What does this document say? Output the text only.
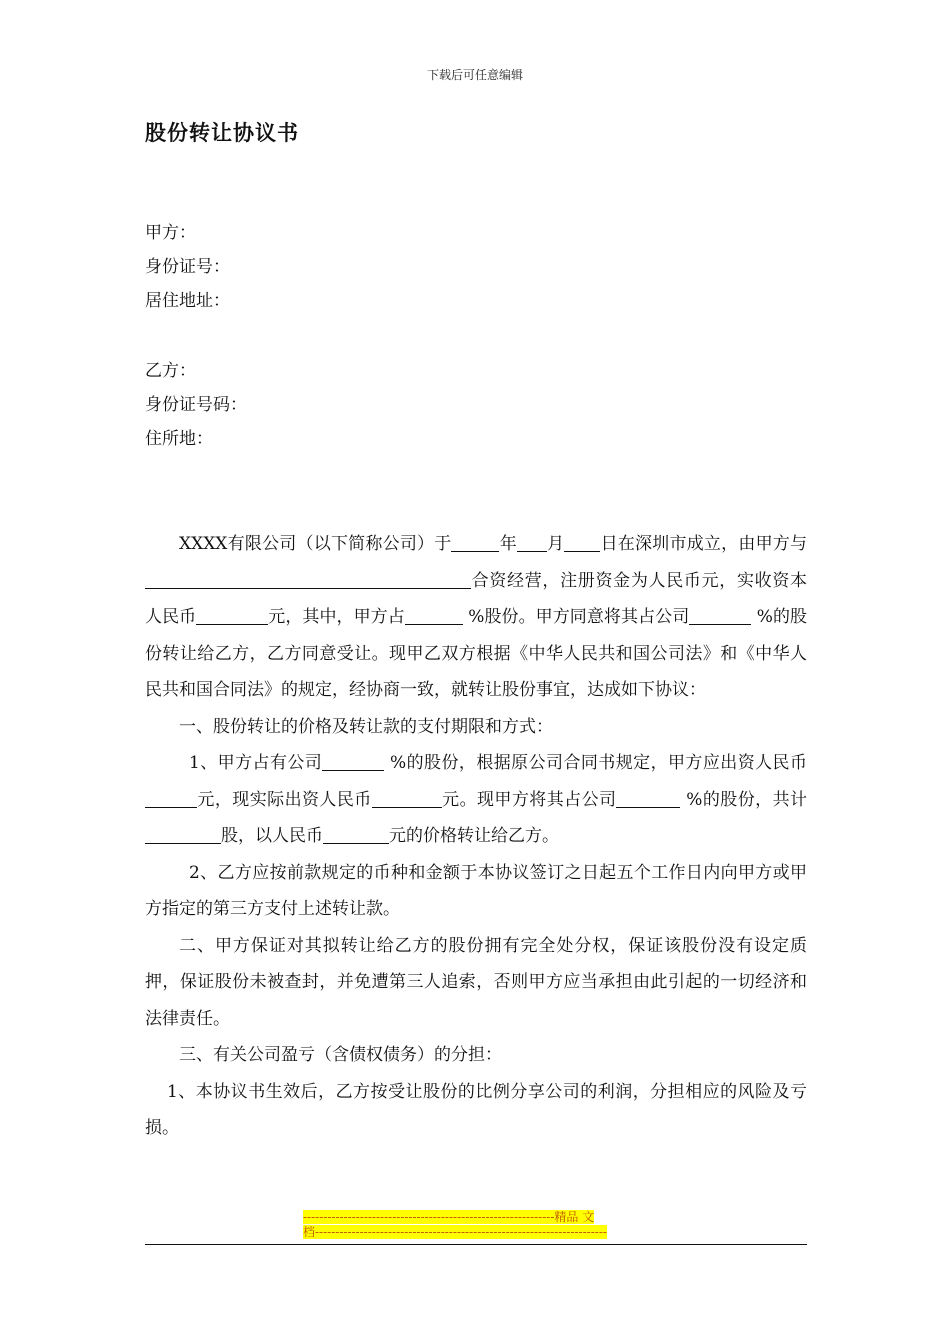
下载后可任意编辑
股份转让协议书
甲方：
身份证号：
居住地址：
乙方：
身份证号码：
住所地：

XXXX有限公司（以下简称公司）于	年 月 日在深圳市成立，由甲方与合资经营，注册资金为人民币元，实收资本人民币	元，其中，甲方占	%股份。甲方同意将其占公司	%的股份转让给乙方，乙方同意受让。现甲乙双方根据《中华人民共和国公司法》和《中华人民共和国合同法》的规定，经协商一致，就转让股份事宜，达成如下协议：

一、股份转让的价格及转让款的支付期限和方式：

1、甲方占有公司	%的股份，根据原公司合同书规定，甲方应出资人民币元，现实际出资人民币	元。现甲方将其占公司	%的股份，共计股，以人民币	元的价格转让给乙方。

2、乙方应按前款规定的币种和金额于本协议签订之日起五个工作日内向甲方或甲方指定的第三方支付上述转让款。

二、甲方保证对其拟转让给乙方的股份拥有完全处分权，保证该股份没有设定质押，保证股份未被查封，并免遭第三人追索，否则甲方应当承担由此引起的一切经济和法律责任。

三、有关公司盈亏（含债权债务）的分担：

1、本协议书生效后，乙方按受让股份的比例分享公司的利润，分担相应的风险及亏损。

--------------------------------------------------------------精品 文
档------------------------------------------------------------------------
